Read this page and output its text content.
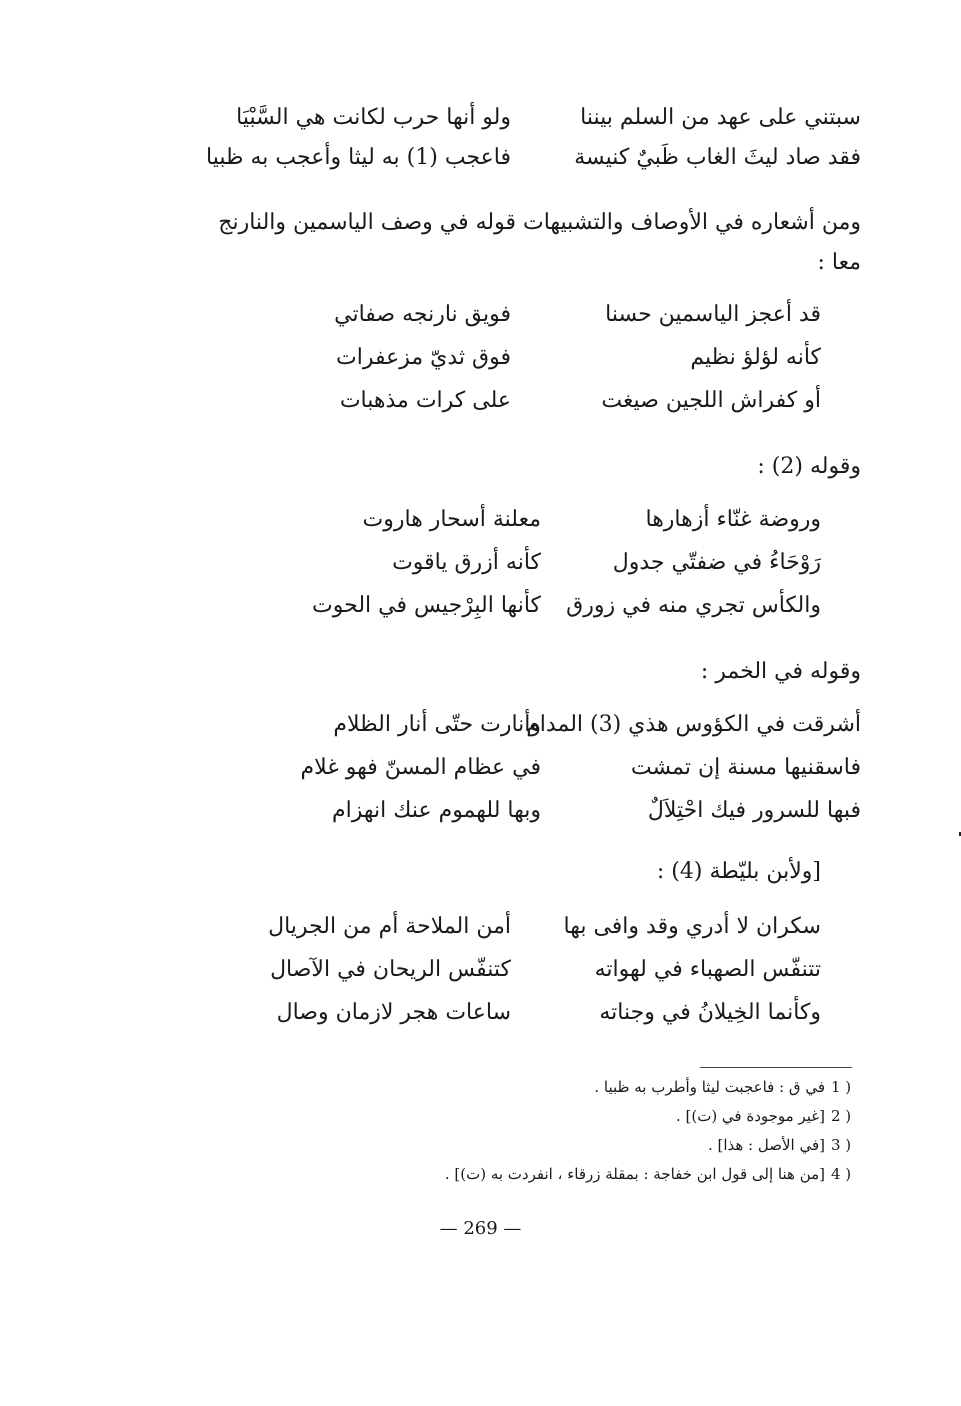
سبتني على عهد من السلم بيننا
ولو أنها حرب لكانت هي السَّبْيَا
فقد صاد ليثَ الغاب ظَبيٌ كنيسة
فاعجب (1) به ليثا وأعجب به ظبيا
ومن أشعاره في الأوصاف والتشبيهات قوله في وصف الياسمين والنارنج
معا :
قد أعجز الياسمين حسنا
فويق نارنجه صفاتي
كأنه لؤلؤ نظيم
فوق ثديّ مزعفرات
أو كفراش اللجين صيغت
على كرات مذهبات
وقوله (2) :
وروضة غنّاء أزهارها
معلنة أسحار هاروت
رَوْحَاءُ في ضفتّي جدول
كأنه أزرق ياقوت
والكأس تجري منه في زورق
كأنها البِرْجيس في الحوت
وقوله في الخمر :
أشرقت في الكؤوس هذي (3) المدام
وأنارت حتّى أنار الظلام
فاسقنيها مسنة إن تمشت
في عظام المسنّ فهو غلام
فبها للسرور فيك احْتِلاَلٌ
وبها للهموم عنك انهزام
[ولأبن بليّطة (4) :
سكران لا أدري وقد وافى بها
أمن الملاحة أم من الجريال
تتنفّس الصهباء في لهواته
كتنفّس الريحان في الآصال
وكأنما الخِيلانُ في وجناته
ساعات هجر لازمان وصال
1 )في ق : فاعجبت ليثا وأطرب به ظبيا .
2 )[غير موجودة في (ت)] .
3 )[في الأصل : هذا] .
4 )[من هنا إلى قول ابن خفاجة : بمقلة زرقاء ، انفردت به (ت)] .
— 269 —
